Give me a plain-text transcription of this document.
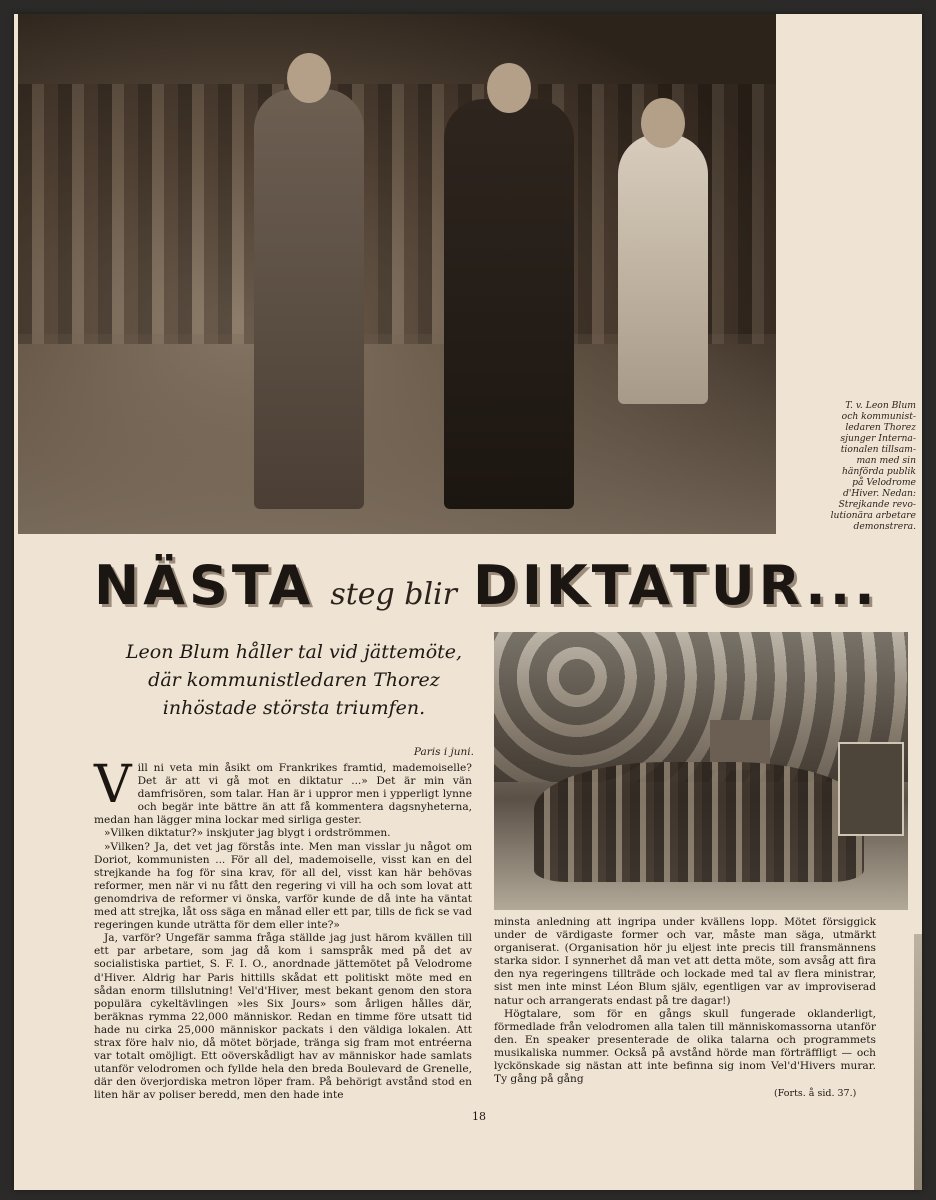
T. v. Leon Blum
och kommunist-
ledaren Thorez
sjunger Interna-
tionalen tillsam-
man med sin
hänförda publik
på Velodrome
d'Hiver. Nedan:
Strejkande revo-
lutionära arbetare
demonstrera.
NÄSTA steg blir DIKTATUR...
Leon Blum håller tal vid jättemöte,
där kommunistledaren Thorez
inhöstade största triumfen.
Paris i juni.
V ill ni veta min åsikt om Frankrikes framtid, mademoiselle? Det är att vi gå mot en diktatur ...» Det är min vän damfrisören, som talar. Han är i uppror men i ypperligt lynne och begär inte bättre än att få kommentera dagsnyheterna, medan han lägger mina lockar med sirliga gester.

»Vilken diktatur?» inskjuter jag blygt i ordströmmen.

»Vilken? Ja, det vet jag förstås inte. Men man visslar ju något om Doriot, kommunisten ... För all del, mademoiselle, visst kan en del strejkande ha fog för sina krav, för all del, visst kan här behövas reformer, men när vi nu fått den regering vi vill ha och som lovat att genomdriva de reformer vi önska, varför kunde de då inte ha väntat med att strejka, låt oss säga en månad eller ett par, tills de fick se vad regeringen kunde uträtta för dem eller inte?»

Ja, varför? Ungefär samma fråga ställde jag just härom kvällen till ett par arbetare, som jag då kom i samspråk med på det av socialistiska partiet, S. F. I. O., anordnade jättemötet på Velodrome d'Hiver. Aldrig har Paris hittills skådat ett politiskt möte med en sådan enorm tillslutning! Vel'd'Hiver, mest bekant genom den stora populära cykeltävlingen »les Six Jours» som årligen hålles där, beräknas rymma 22,000 människor. Redan en timme före utsatt tid hade nu cirka 25,000 människor packats i den väldiga lokalen. Att strax före halv nio, då mötet började, tränga sig fram mot entréerna var totalt omöjligt. Ett oöverskådligt hav av människor hade samlats utanför velodromen och fyllde hela den breda Boulevard de Grenelle, där den överjordiska metron löper fram. På behörigt avstånd stod en liten här av poliser beredd, men den hade inte

minsta anledning att ingripa under kvällens lopp. Mötet försiggick under de värdigaste former och var, måste man säga, utmärkt organiserat. (Organisation hör ju eljest inte precis till fransmännens starka sidor. I synnerhet då man vet att detta möte, som avsåg att fira den nya regeringens tillträde och lockade med tal av flera ministrar, sist men inte minst Léon Blum själv, egentligen var av improviserad natur och arrangerats endast på tre dagar!)

Högtalare, som för en gångs skull fungerade oklanderligt, förmedlade från velodromen alla talen till människomassorna utanför den. En speaker presenterade de olika talarna och programmets musikaliska nummer. Också på avstånd hörde man förträffligt — och lyckönskade sig nästan att inte befinna sig inom Vel'd'Hivers murar. Ty gång på gång

(Forts. å sid. 37.)
18
